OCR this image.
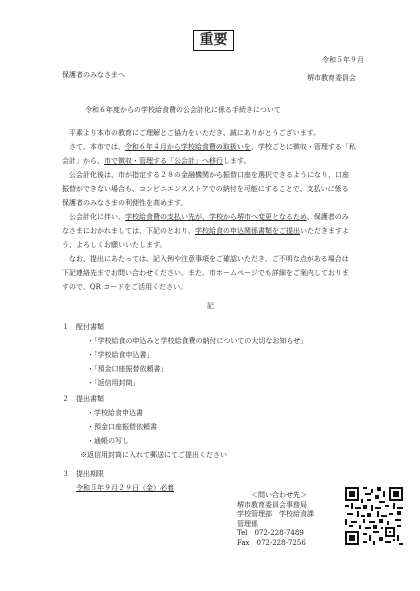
重要
令和５年９月
保護者のみなさまへ	堺市教育委員会
令和６年度からの学校給食費の公会計化に係る手続きについて
平素より本市の教育にご理解とご協力をいただき、誠にありがとうございます。
さて、本市では、令和６年４月から学校給食費の取扱いを、学校ごとに徴収・管理する「私
会計」から、市で徴収・管理する「公会計」へ移行します。
公会計化後は、市が指定する２８の金融機関から振替口座を選択できるようになり、口座
振替ができない場合も、コンビニエンスストアでの納付を可能にすることで、支払いに係る
保護者のみなさまの利便性を高めます。
公会計化に伴い、学校給食費の支払い先が、学校から堺市へ変更となるため、保護者のみ
なさまにおかれましては、下記のとおり、学校給食の申込関係書類をご提出いただきますよ
う、よろしくお願いいたします。
なお、提出にあたっては、記入例や注意事項をご確認いただき、ご不明な点がある場合は
下記連絡先までお問い合わせください。また、市ホームページでも詳細をご案内しておりま
すので、QR コードをご活用ください。
記
１　配付書類
・「学校給食の申込みと学校給食費の納付についての大切なお知らせ」
・「学校給食申込書」
・「預金口座振替依頼書」
・「返信用封筒」
２　提出書類
・学校給食申込書
・預金口座振替依頼書
・通帳の写し
※返信用封筒に入れて郵送にてご提出ください
３　提出期限
令和５年９月２９日（金）必着
＜問い合わせ先＞
堺市教育委員会事務局
学校管理部　学校給食課
管理係
Tel　072-228-7489
Fax　072-228-7256
